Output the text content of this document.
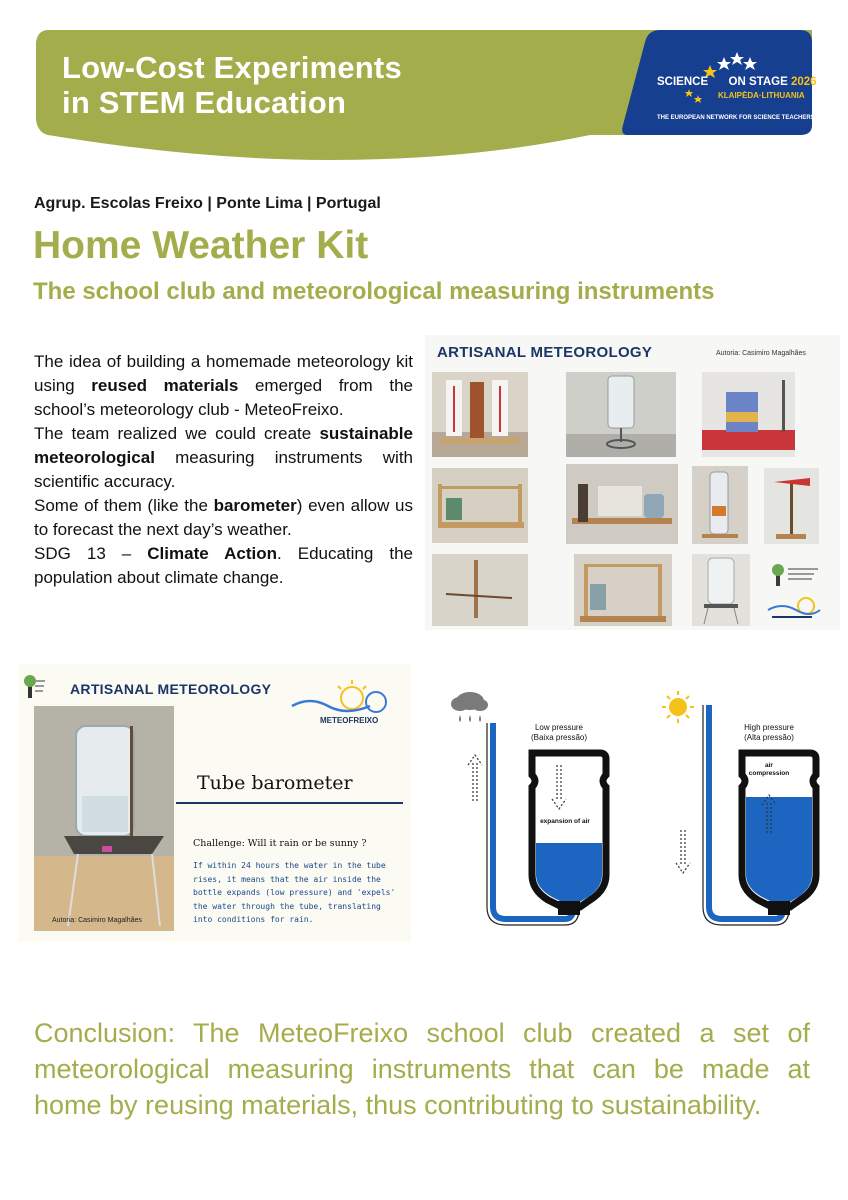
Low-Cost Experiments
in STEM Education
SCIENCE ON STAGE 2026
KLAIPĖDA·LITHUANIA
THE EUROPEAN NETWORK FOR SCIENCE TEACHERS
Agrup. Escolas Freixo | Ponte Lima | Portugal
Home Weather Kit
The school club and meteorological measuring instruments

The idea of building a homemade meteorology kit using reused materials emerged from the school’s meteorology club - MeteoFreixo.

The team realized we could create sustainable meteorological measuring instruments with scientific accuracy.

Some of them (like the barometer) even allow us to forecast the next day’s weather.

SDG 13 – Climate Action. Educating the population about climate change.

ARTISANAL METEOROLOGY	Autoria: Casimiro Magalhães
ARTISANAL METEOROLOGY
METEOFREIXO
Autoria: Casimiro Magalhães
Tube barometer
Challenge: Will it rain or be sunny ?
If within 24 hours the water in the tube rises, it means that the air inside the bottle expands (low pressure) and 'expels' the water through the tube, translating into conditions for rain.
Low pressure
(Baixa pressão)
expansion of air
High pressure
(Alta pressão)
air compression
Conclusion: The MeteoFreixo school club created a set of meteorological measuring instruments that can be made at home by reusing materials, thus contributing to sustainability.
